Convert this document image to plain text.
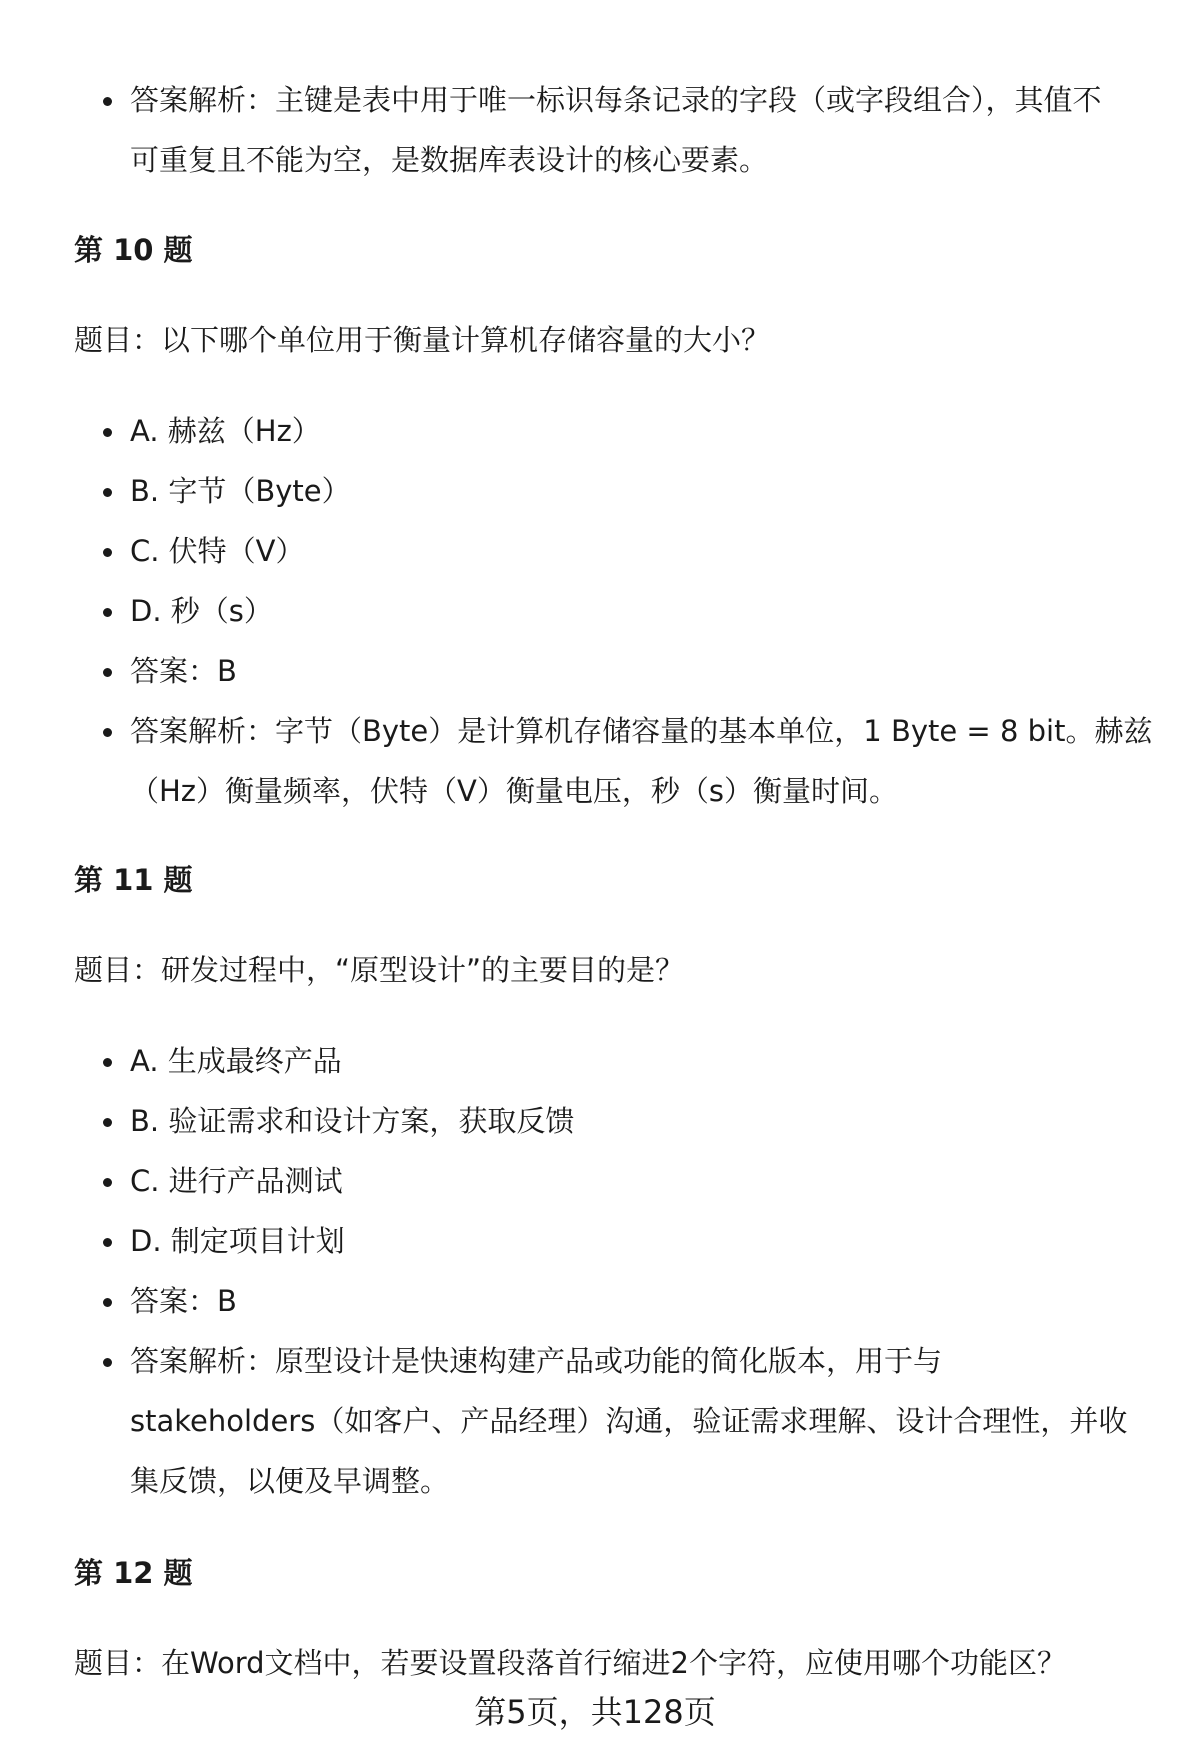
答案解析：主键是表中用于唯一标识每条记录的字段（或字段组合），其值不
可重复且不能为空，是数据库表设计的核心要素。
第 10 题
题目：以下哪个单位用于衡量计算机存储容量的大小？
A. 赫兹（Hz）
B. 字节（Byte）
C. 伏特（V）
D. 秒（s）
答案：B
答案解析：字节（Byte）是计算机存储容量的基本单位，1 Byte = 8 bit。赫兹
（Hz）衡量频率，伏特（V）衡量电压，秒（s）衡量时间。
第 11 题
题目：研发过程中，“原型设计”的主要目的是？
A. 生成最终产品
B. 验证需求和设计方案，获取反馈
C. 进行产品测试
D. 制定项目计划
答案：B
答案解析：原型设计是快速构建产品或功能的简化版本，用于与
stakeholders（如客户、产品经理）沟通，验证需求理解、设计合理性，并收
集反馈，以便及早调整。
第 12 题
题目：在Word文档中，若要设置段落首行缩进2个字符，应使用哪个功能区？
第5页，共128页
